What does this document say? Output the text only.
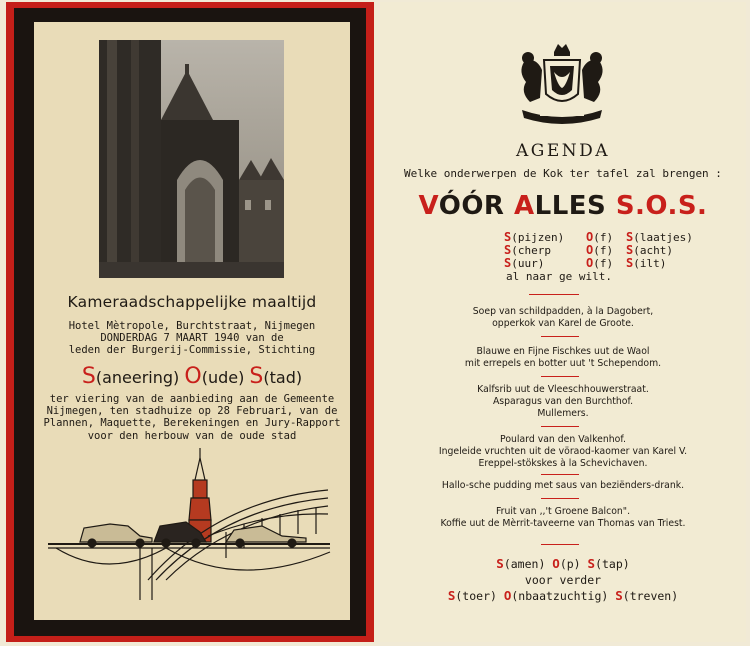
Kameraadschappelijke maaltijd
Hotel Mètropole, Burchtstraat, Nijmegen
DONDERDAG 7 MAART 1940 van de
leden der Burgerij-Commissie, Stichting
S(aneering) O(ude) S(tad)
ter viering van de aanbieding aan de Gemeente
Nijmegen, ten stadhuize op 28 Februari, van de
Plannen, Maquette, Berekeningen en Jury-Rapport
voor den herbouw van de oude stad
AGENDA
Welke onderwerpen de Kok ter tafel zal brengen :
VÓÓR ALLES S.O.S.
S(pijzen) O(f) S(laatjes)
S(cherp	O(f) S(acht)
S(uur)	O(f) S(ilt)
al naar ge wilt.
Soep van schildpadden, à la Dagobert,
opperkok van Karel de Groote.
Blauwe en Fijne Fischkes uut de Waol
mit errepels en botter uut 't Schependom.
Kalfsrib uut de Vleeschhouwerstraat.
Asparagus van den Burchthof.
Mullemers.
Poulard van den Valkenhof.
Ingeleide vruchten uit de vöraod-kaomer van Karel V.
Ereppel-stökskes à la Schevichaven.
Hallo-sche pudding met saus van beziënders-drank.
Fruit van ,,'t Groene Balcon".
Koffie uut de Mèrrit-taveerne van Thomas van Triest.
S(amen) O(p) S(tap)
voor verder
S(toer) O(nbaatzuchtig) S(treven)
